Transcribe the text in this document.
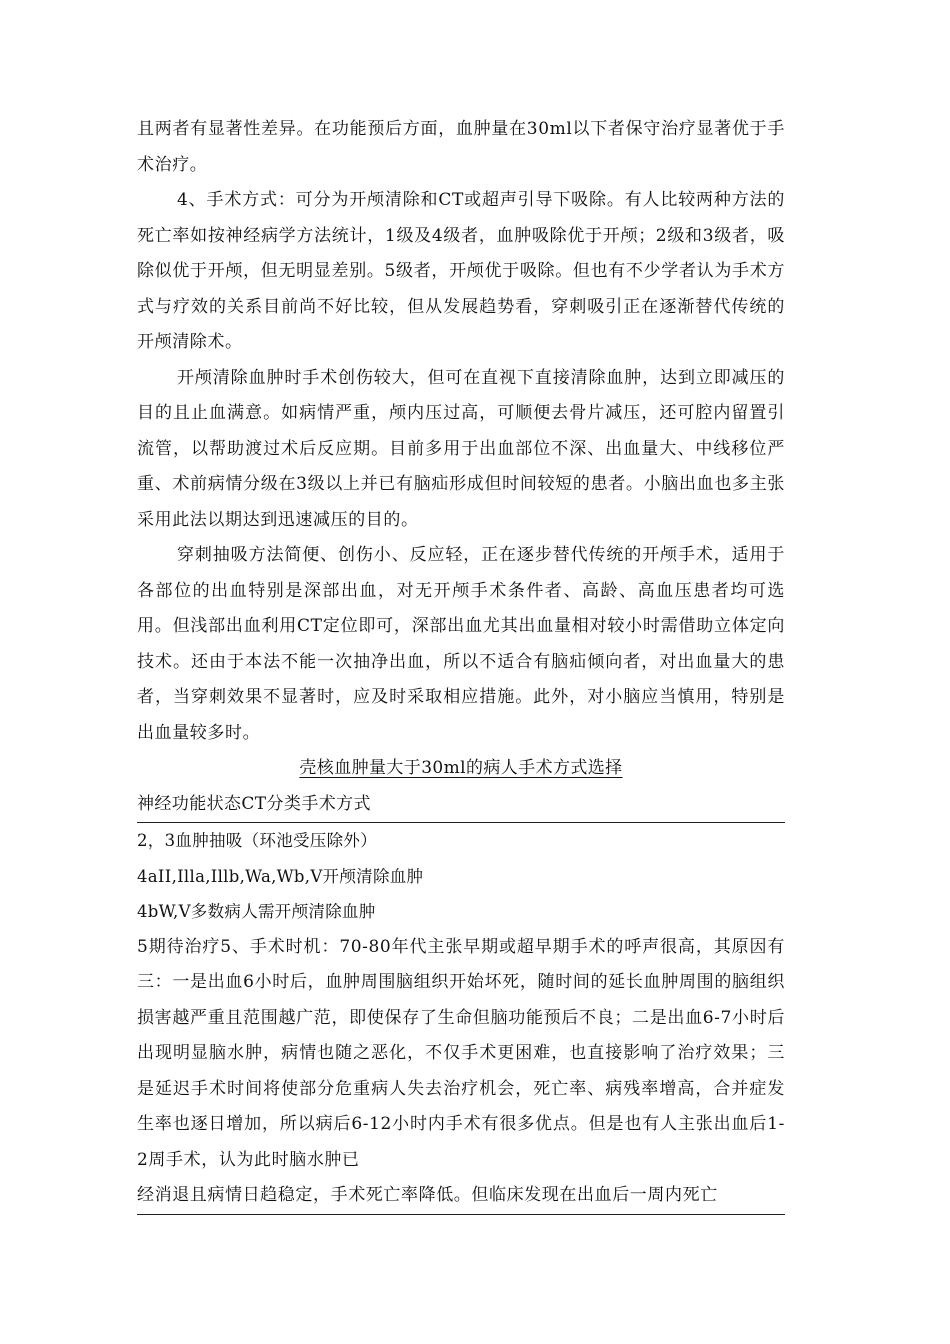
且两者有显著性差异。在功能预后方面，血肿量在30ml以下者保守治疗显著优于手术治疗。

4、手术方式：可分为开颅清除和CT或超声引导下吸除。有人比较两种方法的死亡率如按神经病学方法统计，1级及4级者，血肿吸除优于开颅；2级和3级者，吸除似优于开颅，但无明显差别。5级者，开颅优于吸除。但也有不少学者认为手术方式与疗效的关系目前尚不好比较，但从发展趋势看，穿刺吸引正在逐渐替代传统的开颅清除术。

开颅清除血肿时手术创伤较大，但可在直视下直接清除血肿，达到立即减压的目的且止血满意。如病情严重，颅内压过高，可顺便去骨片减压，还可腔内留置引流管，以帮助渡过术后反应期。目前多用于出血部位不深、出血量大、中线移位严重、术前病情分级在3级以上并已有脑疝形成但时间较短的患者。小脑出血也多主张采用此法以期达到迅速减压的目的。

穿刺抽吸方法简便、创伤小、反应轻，正在逐步替代传统的开颅手术，适用于各部位的出血特别是深部出血，对无开颅手术条件者、高龄、高血压患者均可选用。但浅部出血利用CT定位即可，深部出血尤其出血量相对较小时需借助立体定向技术。还由于本法不能一次抽净出血，所以不适合有脑疝倾向者，对出血量大的患者，当穿刺效果不显著时，应及时采取相应措施。此外，对小脑应当慎用，特别是出血量较多时。

壳核血肿量大于30ml的病人手术方式选择

神经功能状态CT分类手术方式

2，3血肿抽吸（环池受压除外）

4aII,Illa,Illb,Wa,Wb,V开颅清除血肿

4bW,V多数病人需开颅清除血肿

5期待治疗5、手术时机：70-80年代主张早期或超早期手术的呼声很高，其原因有三：一是出血6小时后，血肿周围脑组织开始坏死，随时间的延长血肿周围的脑组织损害越严重且范围越广范，即使保存了生命但脑功能预后不良；二是出血6-7小时后出现明显脑水肿，病情也随之恶化，不仅手术更困难，也直接影响了治疗效果；三是延迟手术时间将使部分危重病人失去治疗机会，死亡率、病残率增高，合并症发生率也逐日增加，所以病后6-12小时内手术有很多优点。但是也有人主张出血后1-2周手术，认为此时脑水肿已
经消退且病情日趋稳定，手术死亡率降低。但临床发现在出血后一周内死亡
